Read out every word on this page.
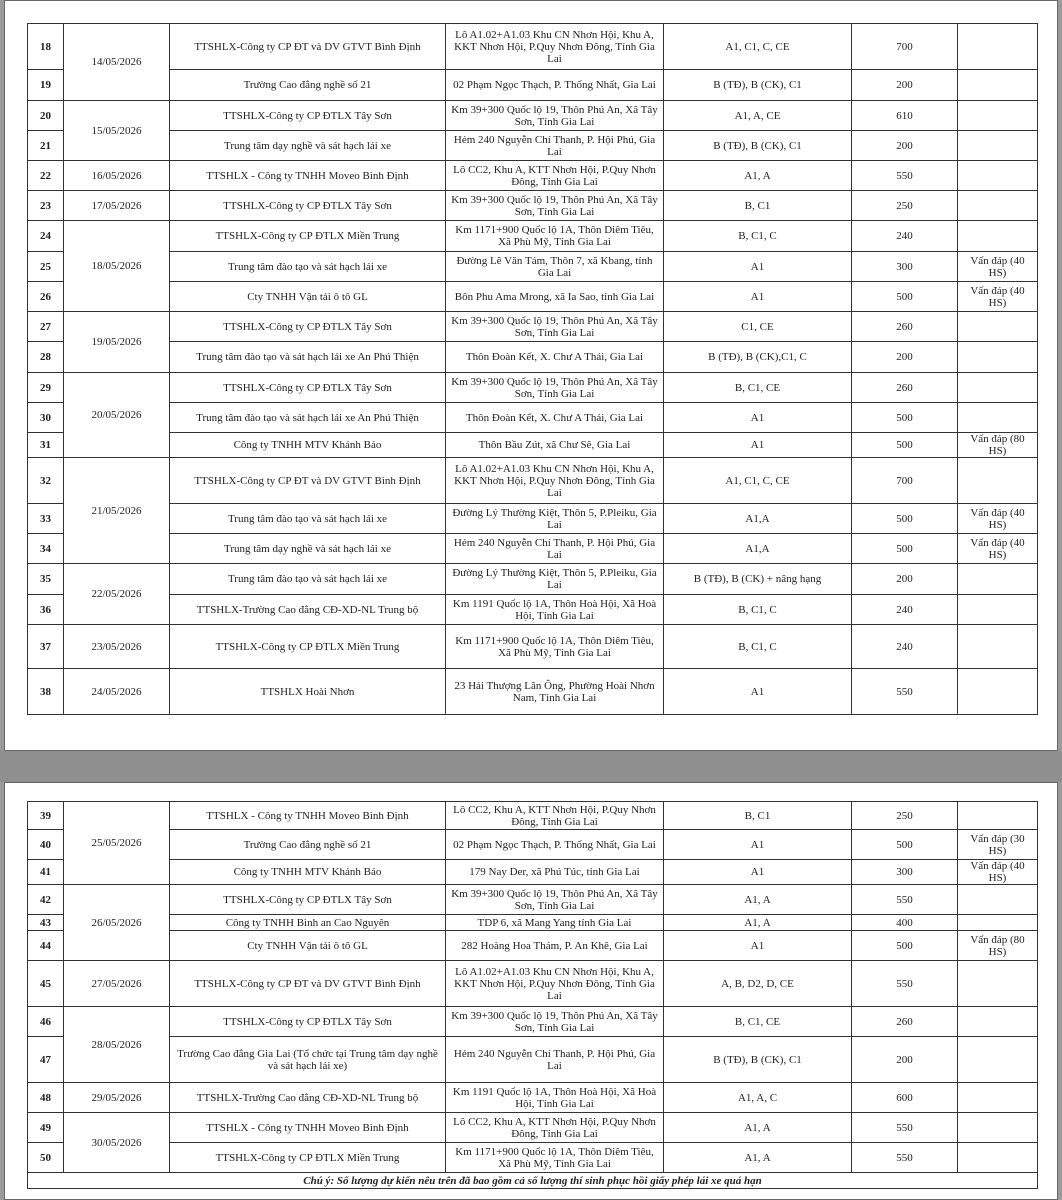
18	14/05/2026	TTSHLX-Công ty CP ĐT và DV GTVT Bình Định	Lô A1.02+A1.03 Khu CN Nhơn Hội, Khu A, KKT Nhơn Hội, P.Quy Nhơn Đông, Tỉnh Gia Lai	A1, C1, C, CE	700	
19		Trường Cao đẳng nghề số 21	02 Phạm Ngọc Thạch, P. Thống Nhất, Gia Lai	B (TĐ), B (CK), C1	200	
20	15/05/2026	TTSHLX-Công ty CP ĐTLX Tây Sơn	Km 39+300 Quốc lộ 19, Thôn Phú An, Xã Tây Sơn, Tỉnh Gia Lai	A1, A, CE	610	
21		Trung tâm dạy nghề và sát hạch lái xe	Hẻm 240 Nguyễn Chí Thanh, P. Hội Phú, Gia Lai	B (TĐ), B (CK), C1	200	
22	16/05/2026	TTSHLX - Công ty TNHH Moveo Bình Định	Lô CC2, Khu A, KTT Nhơn Hội, P.Quy Nhơn Đông, Tỉnh Gia Lai	A1, A	550	
23	17/05/2026	TTSHLX-Công ty CP ĐTLX Tây Sơn	Km 39+300 Quốc lộ 19, Thôn Phú An, Xã Tây Sơn, Tỉnh Gia Lai	B, C1	250	
24	18/05/2026	TTSHLX-Công ty CP ĐTLX Miền Trung	Km 1171+900 Quốc lộ 1A, Thôn Diêm Tiêu, Xã Phù Mỹ, Tỉnh Gia Lai	B, C1, C	240	
25		Trung tâm đào tạo và sát hạch lái xe	Đường Lê Văn Tám, Thôn 7, xã Kbang, tỉnh Gia Lai	A1	300	Vấn đáp (40 HS)
26		Cty TNHH Vận tải ô tô GL	Bôn Phu Ama Mrong, xã Ia Sao, tỉnh Gia Lai	A1	500	Vấn đáp (40 HS)
27	19/05/2026	TTSHLX-Công ty CP ĐTLX Tây Sơn	Km 39+300 Quốc lộ 19, Thôn Phú An, Xã Tây Sơn, Tỉnh Gia Lai	C1, CE	260	
28		Trung tâm đào tạo và sát hạch lái xe An Phú Thiện	Thôn Đoàn Kết, X. Chư A Thái, Gia Lai	B (TĐ), B (CK),C1, C	200	
29	20/05/2026	TTSHLX-Công ty CP ĐTLX Tây Sơn	Km 39+300 Quốc lộ 19, Thôn Phú An, Xã Tây Sơn, Tỉnh Gia Lai	B, C1, CE	260	
30		Trung tâm đào tạo và sát hạch lái xe An Phú Thiện	Thôn Đoàn Kết, X. Chư A Thái, Gia Lai	A1	500	
31		Công ty TNHH MTV Khánh Bảo	Thôn Bầu Zút, xã Chư Sê, Gia Lai	A1	500	Vấn đáp (80 HS)
32	21/05/2026	TTSHLX-Công ty CP ĐT và DV GTVT Bình Định	Lô A1.02+A1.03 Khu CN Nhơn Hội, Khu A, KKT Nhơn Hội, P.Quy Nhơn Đông, Tỉnh Gia Lai	A1, C1, C, CE	700	
33		Trung tâm đào tạo và sát hạch lái xe	Đường Lý Thường Kiệt, Thôn 5, P.Pleiku, Gia Lai	A1,A	500	Vấn đáp (40 HS)
34		Trung tâm dạy nghề và sát hạch lái xe	Hẻm 240 Nguyễn Chí Thanh, P. Hội Phú, Gia Lai	A1,A	500	Vấn đáp (40 HS)
35	22/05/2026	Trung tâm đào tạo và sát hạch lái xe	Đường Lý Thường Kiệt, Thôn 5, P.Pleiku, Gia Lai	B (TĐ), B (CK) + nâng hạng	200	
36		TTSHLX-Trường Cao đẳng CĐ-XD-NL Trung bộ	Km 1191 Quốc lộ 1A, Thôn Hoà Hội, Xã Hoà Hội, Tỉnh Gia Lai	B, C1, C	240	
37	23/05/2026	TTSHLX-Công ty CP ĐTLX Miền Trung	Km 1171+900 Quốc lộ 1A, Thôn Diêm Tiêu, Xã Phù Mỹ, Tỉnh Gia Lai	B, C1, C	240	
38	24/05/2026	TTSHLX Hoài Nhơn	23 Hải Thượng Lãn Ông, Phường Hoài Nhơn Nam, Tỉnh Gia Lai	A1	550	
39	25/05/2026	TTSHLX - Công ty TNHH Moveo Bình Định	Lô CC2, Khu A, KTT Nhơn Hội, P.Quy Nhơn Đông, Tỉnh Gia Lai	B, C1	250	
40		Trường Cao đẳng nghề số 21	02 Phạm Ngọc Thạch, P. Thống Nhất, Gia Lai	A1	500	Vấn đáp (30 HS)
41		Công ty TNHH MTV Khánh Bảo	179 Nay Der, xã Phú Túc, tỉnh Gia Lai	A1	300	Vấn đáp (40 HS)
42	26/05/2026	TTSHLX-Công ty CP ĐTLX Tây Sơn	Km 39+300 Quốc lộ 19, Thôn Phú An, Xã Tây Sơn, Tỉnh Gia Lai	A1, A	550	
43		Công ty TNHH Bình an Cao Nguyên	TDP 6, xã Mang Yang tỉnh Gia Lai	A1, A	400	
44		Cty TNHH Vận tải ô tô GL	282 Hoàng Hoa Thám, P. An Khê, Gia Lai	A1	500	Vấn đáp (80 HS)
45	27/05/2026	TTSHLX-Công ty CP ĐT và DV GTVT Bình Định	Lô A1.02+A1.03 Khu CN Nhơn Hội, Khu A, KKT Nhơn Hội, P.Quy Nhơn Đông, Tỉnh Gia Lai	A, B, D2, D, CE	550	
46	28/05/2026	TTSHLX-Công ty CP ĐTLX Tây Sơn	Km 39+300 Quốc lộ 19, Thôn Phú An, Xã Tây Sơn, Tỉnh Gia Lai	B, C1, CE	260	
47		Trường Cao đẳng Gia Lai (Tổ chức tại Trung tâm dạy nghề và sát hạch lái xe)	Hẻm 240 Nguyễn Chí Thanh, P. Hội Phú, Gia Lai	B (TĐ), B (CK), C1	200	
48	29/05/2026	TTSHLX-Trường Cao đẳng CĐ-XD-NL Trung bộ	Km 1191 Quốc lộ 1A, Thôn Hoà Hội, Xã Hoà Hội, Tỉnh Gia Lai	A1, A, C	600	
49	30/05/2026	TTSHLX - Công ty TNHH Moveo Bình Định	Lô CC2, Khu A, KTT Nhơn Hội, P.Quy Nhơn Đông, Tỉnh Gia Lai	A1, A	550	
50		TTSHLX-Công ty CP ĐTLX Miền Trung	Km 1171+900 Quốc lộ 1A, Thôn Diêm Tiêu, Xã Phù Mỹ, Tỉnh Gia Lai	A1, A	550	
Chú ý: Số lượng dự kiến nêu trên đã bao gồm cả số lượng thí sinh phục hồi giấy phép lái xe quá hạn						
